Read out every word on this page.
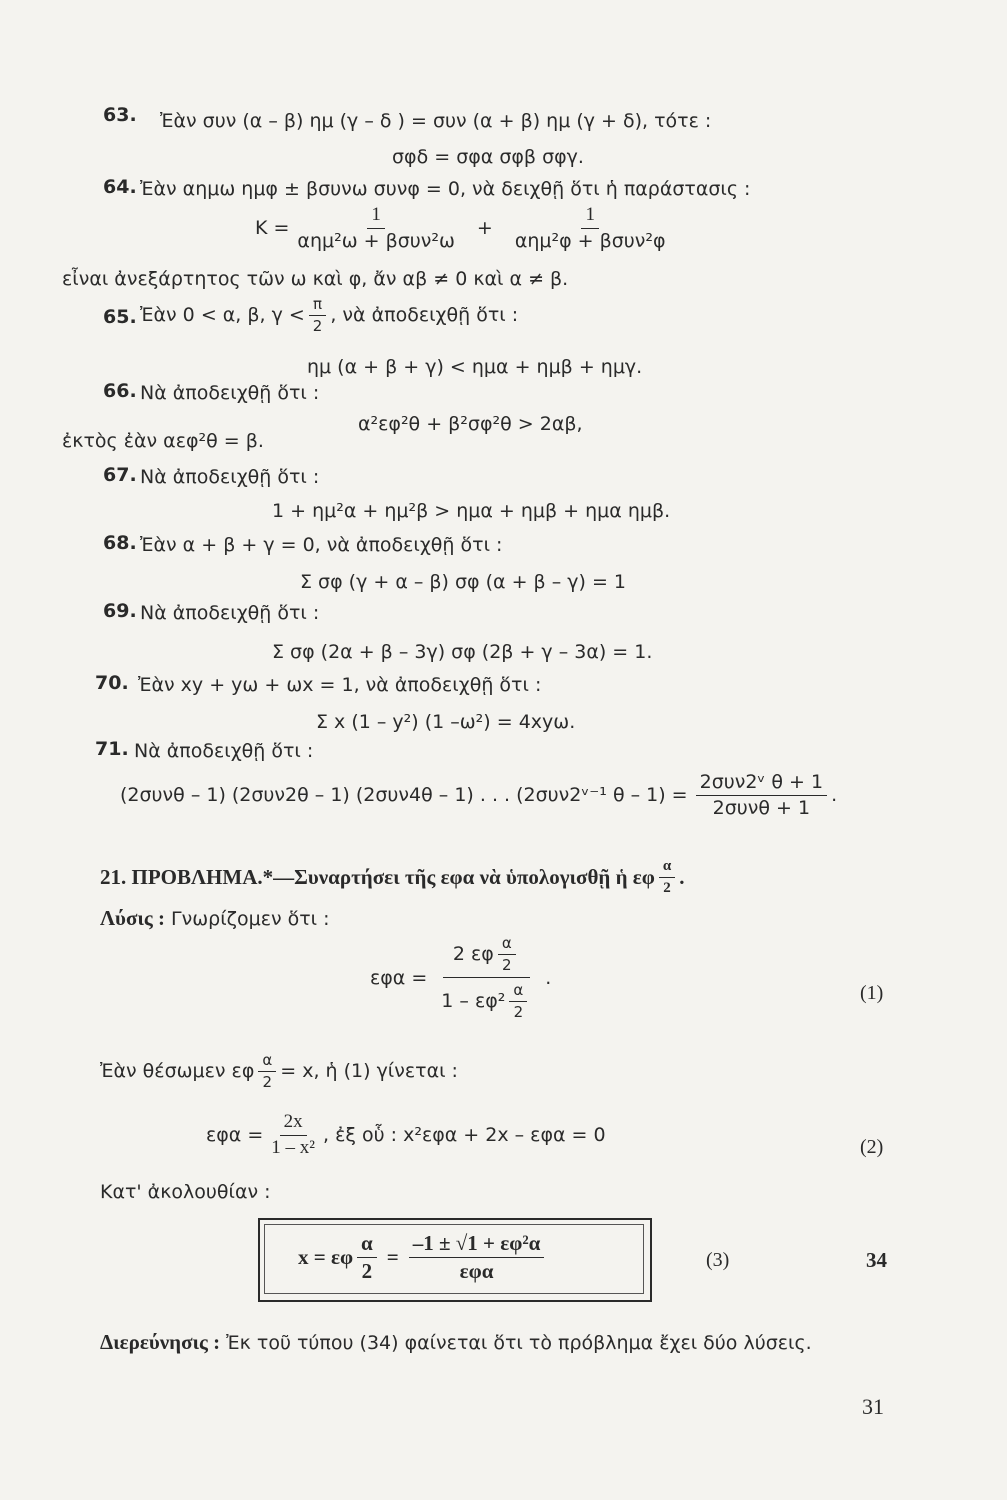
63. Ἐὰν συν (α – β) ημ (γ – δ ) = συν (α + β) ημ (γ + δ), τότε :
σφδ = σφα σφβ σφγ.
64. Ἐὰν αημω ημφ ± βσυνω συνφ = 0, νὰ δειχθῇ ὅτι ἡ παράστασις :
$K = \frac{1}{\text{αημ²ω + βσυν²ω}} + \frac{1}{\text{αημ²φ + βσυν²φ}}$
εἶναι ἀνεξάρτητος τῶν ω καὶ φ, ἄν αβ ≠ 0 καὶ α ≠ β.
65. Ἐὰν 0 < α, β, $\gamma < \frac{\pi}{2}$ , νὰ ἀποδειχθῇ ὅτι :
ημ (α + β + γ) < ημα + ημβ + ημγ.
66. Νὰ ἀποδειχθῇ ὅτι :
α²εφ²θ + β²σφ²θ > 2αβ,
ἐκτὸς ἐὰν αεφ²θ = β.
67. Νὰ ἀποδειχθῇ ὅτι :
1 + ημ²α + ημ²β > ημα + ημβ + ημα ημβ.
68. Ἐὰν α + β + γ = 0, νὰ ἀποδειχθῇ ὅτι :
Σ σφ (γ + α – β) σφ (α + β – γ) = 1
69. Νὰ ἀποδειχθῇ ὅτι :
Σ σφ (2α + β – 3γ) σφ (2β + γ – 3α) = 1.
70. Ἐὰν xy + yω + ωx = 1, νὰ ἀποδειχθῇ ὅτι :
Σ x (1 – y²) (1 –ω²) = 4xyω.
71. Νὰ ἀποδειχθῇ ὅτι :
(2συνθ – 1) (2συν2θ – 1) (2συν4θ – 1) . . . (2συν2ᵛ⁻¹ $\theta - 1) = \frac{\text{2συν2ᵛ θ + 1}}{\text{2συνθ + 1}}$ .
21. ΠΡΟΒΛΗΜΑ.*—Συναρτήσει τῆς εφα νὰ ὑπολογισθῇ ἡ εφ $\frac{\alpha}{2}$ .
Λύσις : Γνωρίζομεν ὅτι :
$\varepsilon\varphi\alpha = \frac{2 \varepsilon\varphi \frac{\alpha}{2}}{1 - \varepsilon\varphi^2 \frac{\alpha}{2}}$ .
(1)
Ἐὰν θέσωμεν εφ $\frac{\alpha}{2} = x$, ἡ (1) γίνεται :
$\varepsilon\varphi\alpha = \frac{2x}{\text{1 – x²}}$ , ἐξ οὗ : x²εφα + 2x – εφα = 0
(2)
Κατ' ἀκολουθίαν :
x = εφ $\frac{\alpha}{2} = \frac{\text{–1 ± √1 + εφ²α}}{\text{εφα}}$	(3)	34
Διερεύνησις : Ἐκ τοῦ τύπου (34) φαίνεται ὅτι τὸ πρόβλημα ἔχει δύο λύσεις.
31
